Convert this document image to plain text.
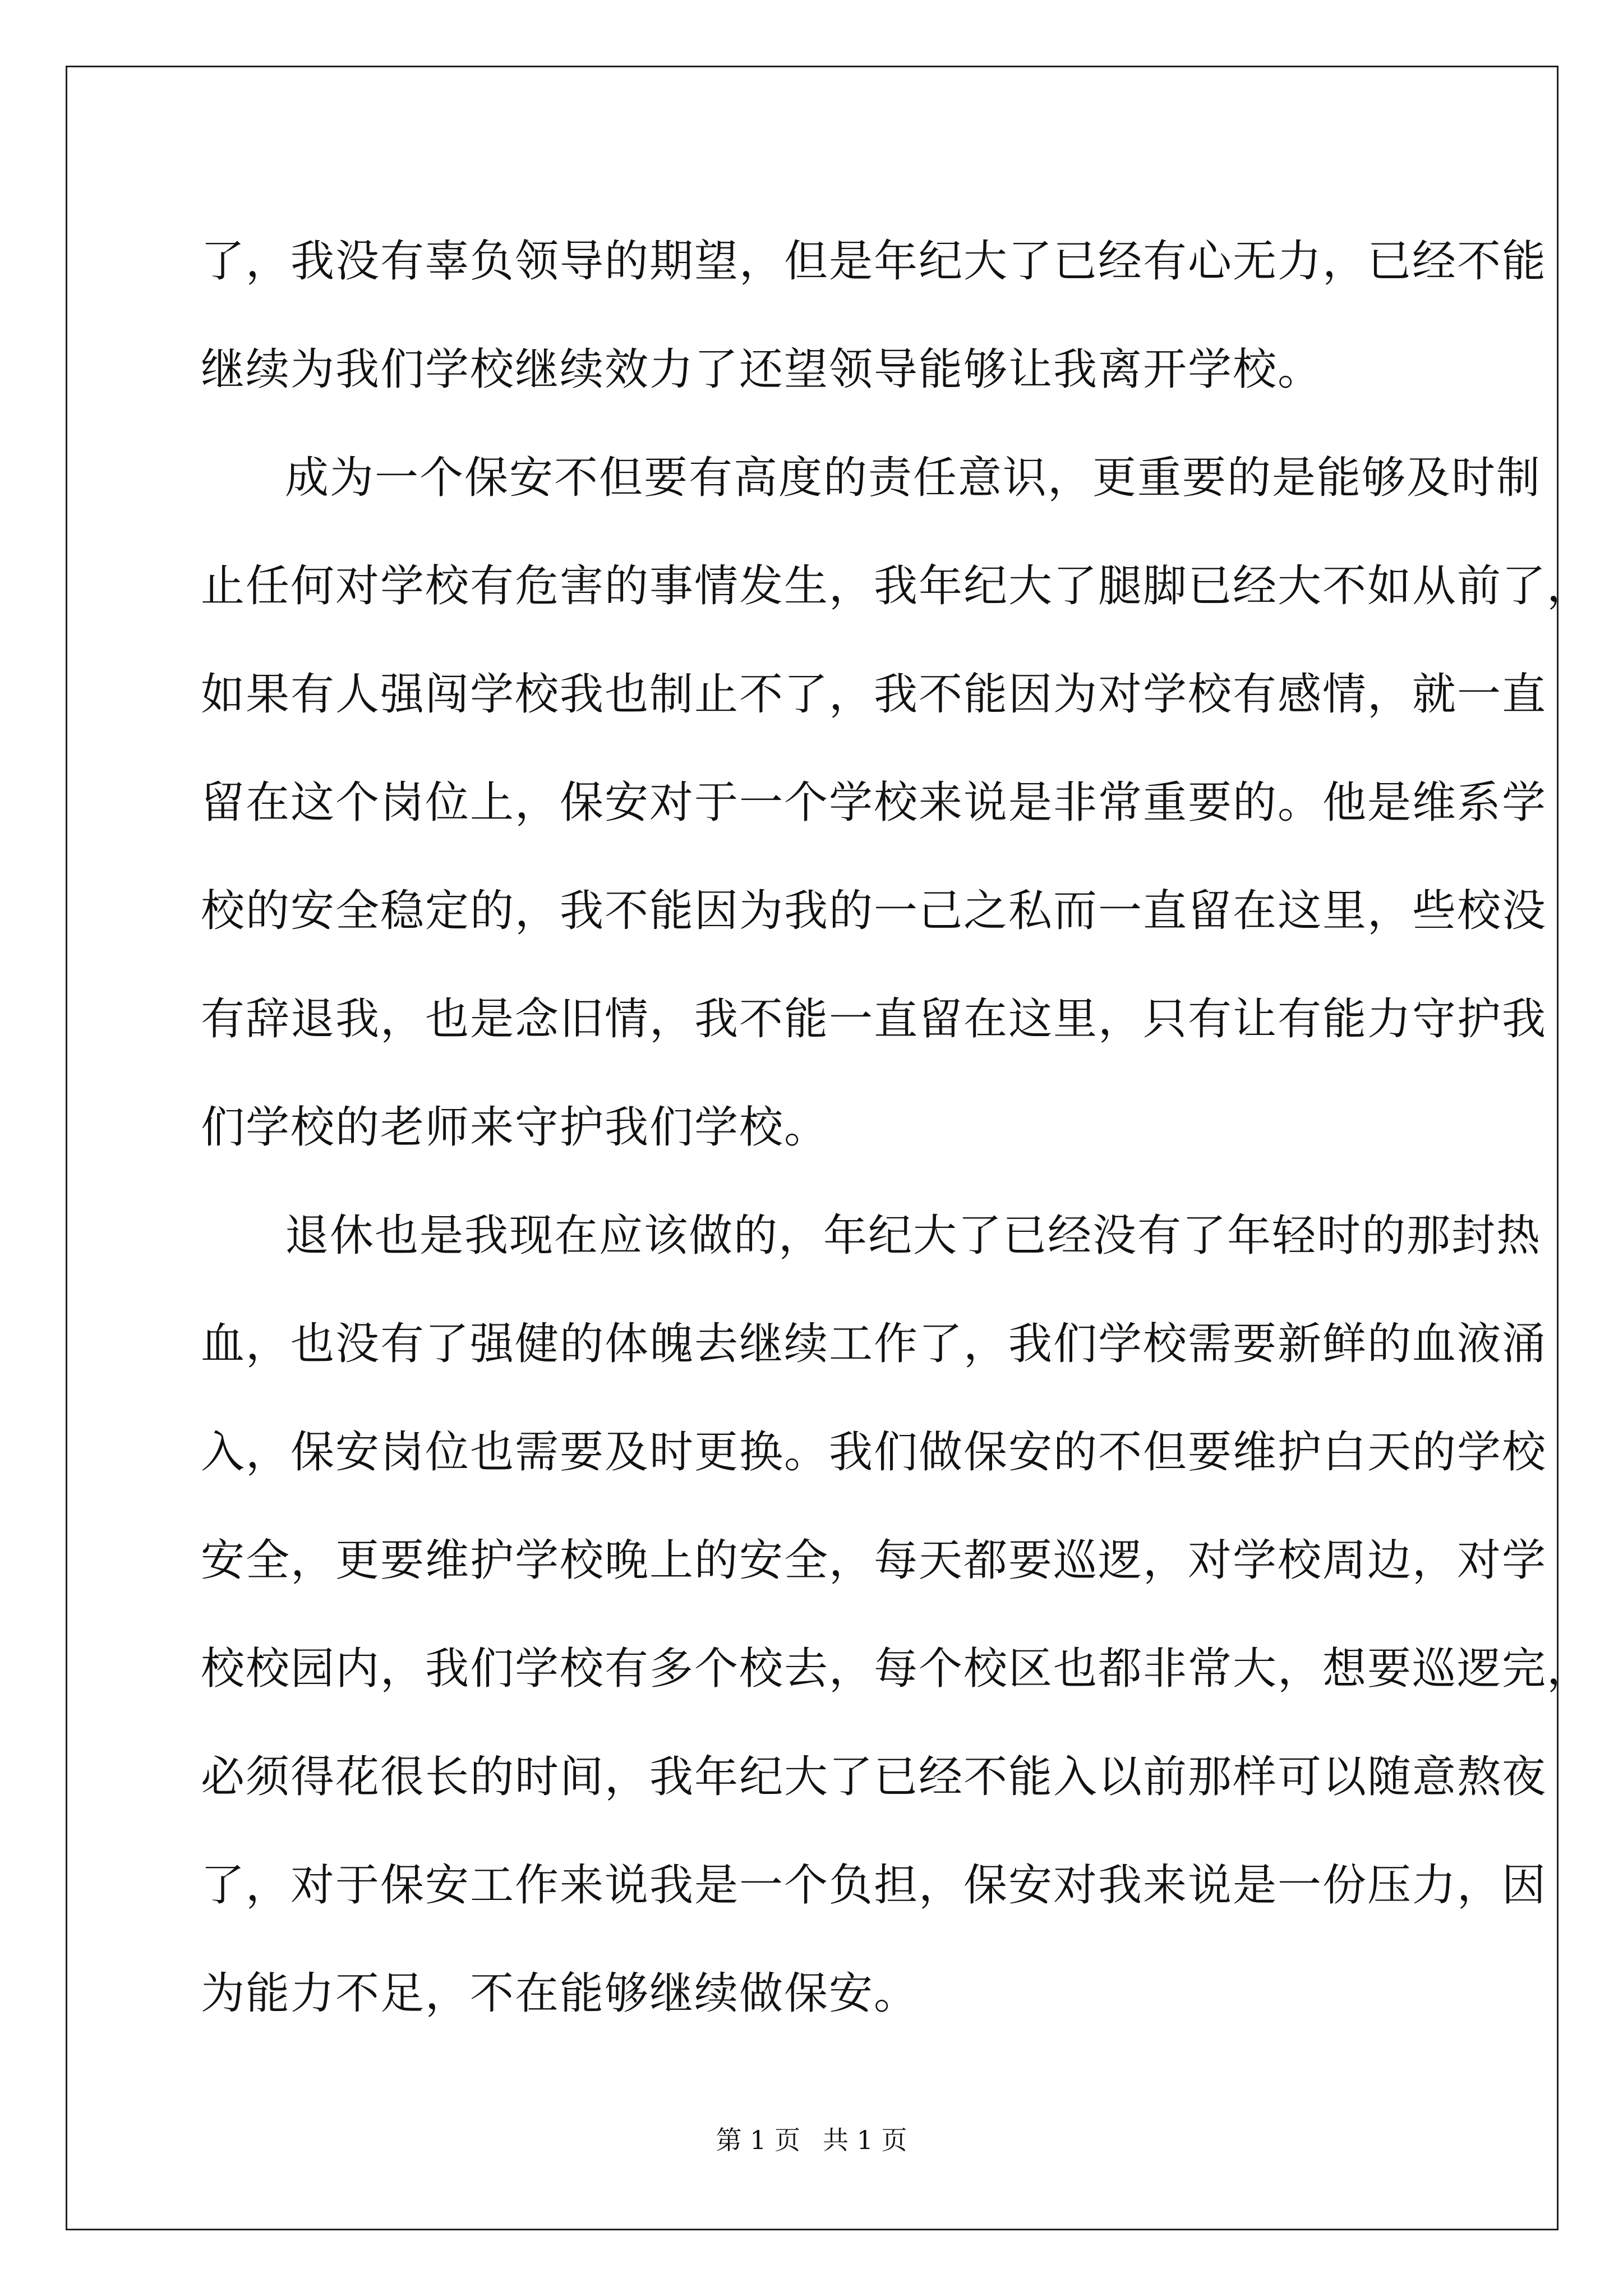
了，我没有辜负领导的期望，但是年纪大了已经有心无力，已经不能
继续为我们学校继续效力了还望领导能够让我离开学校。
成为一个保安不但要有高度的责任意识，更重要的是能够及时制
止任何对学校有危害的事情发生，我年纪大了腿脚已经大不如从前了，
如果有人强闯学校我也制止不了，我不能因为对学校有感情，就一直
留在这个岗位上，保安对于一个学校来说是非常重要的。他是维系学
校的安全稳定的，我不能因为我的一己之私而一直留在这里，些校没
有辞退我，也是念旧情，我不能一直留在这里，只有让有能力守护我
们学校的老师来守护我们学校。
退休也是我现在应该做的，年纪大了已经没有了年轻时的那封热
血，也没有了强健的体魄去继续工作了，我们学校需要新鲜的血液涌
入，保安岗位也需要及时更换。我们做保安的不但要维护白天的学校
安全，更要维护学校晚上的安全，每天都要巡逻，对学校周边，对学
校校园内，我们学校有多个校去，每个校区也都非常大，想要巡逻完，
必须得花很长的时间，我年纪大了已经不能入以前那样可以随意熬夜
了，对于保安工作来说我是一个负担，保安对我来说是一份压力，因
为能力不足，不在能够继续做保安。
第 1 页 共 1 页
